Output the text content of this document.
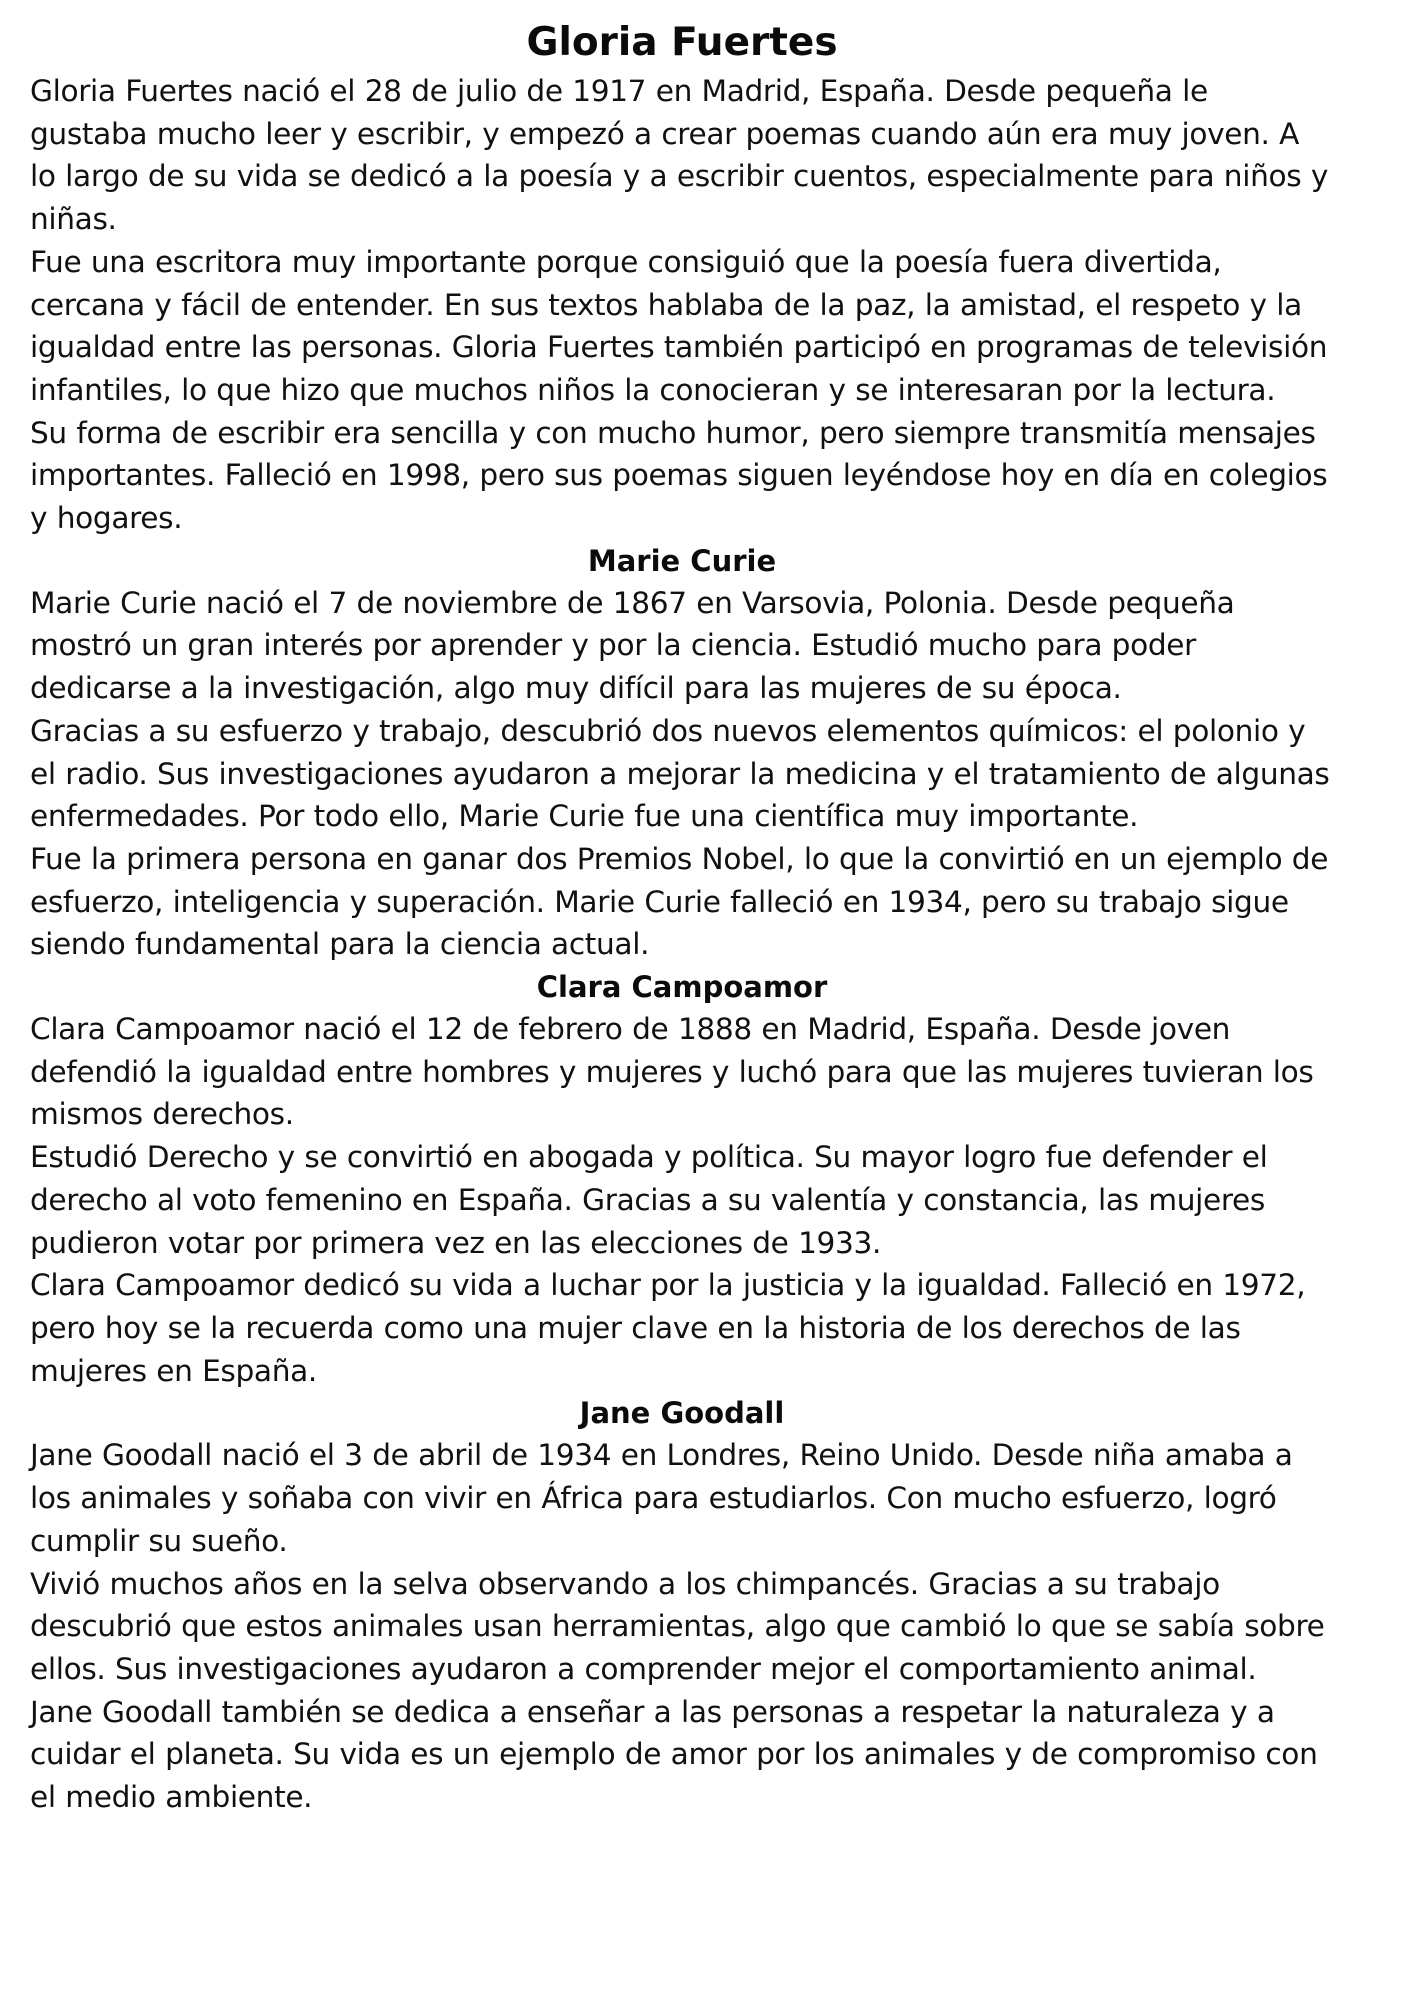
Gloria Fuertes

Gloria Fuertes nació el 28 de julio de 1917 en Madrid, España. Desde pequeña le gustaba mucho leer y escribir, y empezó a crear poemas cuando aún era muy joven. A lo largo de su vida se dedicó a la poesía y a escribir cuentos, especialmente para niños y niñas.

Fue una escritora muy importante porque consiguió que la poesía fuera divertida, cercana y fácil de entender. En sus textos hablaba de la paz, la amistad, el respeto y la igualdad entre las personas. Gloria Fuertes también participó en programas de televisión infantiles, lo que hizo que muchos niños la conocieran y se interesaran por la lectura.

Su forma de escribir era sencilla y con mucho humor, pero siempre transmitía mensajes importantes. Falleció en 1998, pero sus poemas siguen leyéndose hoy en día en colegios y hogares.

Marie Curie

Marie Curie nació el 7 de noviembre de 1867 en Varsovia, Polonia. Desde pequeña mostró un gran interés por aprender y por la ciencia. Estudió mucho para poder dedicarse a la investigación, algo muy difícil para las mujeres de su época.

Gracias a su esfuerzo y trabajo, descubrió dos nuevos elementos químicos: el polonio y el radio. Sus investigaciones ayudaron a mejorar la medicina y el tratamiento de algunas enfermedades. Por todo ello, Marie Curie fue una científica muy importante.

Fue la primera persona en ganar dos Premios Nobel, lo que la convirtió en un ejemplo de esfuerzo, inteligencia y superación. Marie Curie falleció en 1934, pero su trabajo sigue siendo fundamental para la ciencia actual.

Clara Campoamor

Clara Campoamor nació el 12 de febrero de 1888 en Madrid, España. Desde joven defendió la igualdad entre hombres y mujeres y luchó para que las mujeres tuvieran los mismos derechos.

Estudió Derecho y se convirtió en abogada y política. Su mayor logro fue defender el derecho al voto femenino en España. Gracias a su valentía y constancia, las mujeres pudieron votar por primera vez en las elecciones de 1933.

Clara Campoamor dedicó su vida a luchar por la justicia y la igualdad. Falleció en 1972, pero hoy se la recuerda como una mujer clave en la historia de los derechos de las mujeres en España.

Jane Goodall

Jane Goodall nació el 3 de abril de 1934 en Londres, Reino Unido. Desde niña amaba a los animales y soñaba con vivir en África para estudiarlos. Con mucho esfuerzo, logró cumplir su sueño.

Vivió muchos años en la selva observando a los chimpancés. Gracias a su trabajo descubrió que estos animales usan herramientas, algo que cambió lo que se sabía sobre ellos. Sus investigaciones ayudaron a comprender mejor el comportamiento animal.

Jane Goodall también se dedica a enseñar a las personas a respetar la naturaleza y a cuidar el planeta. Su vida es un ejemplo de amor por los animales y de compromiso con el medio ambiente.
